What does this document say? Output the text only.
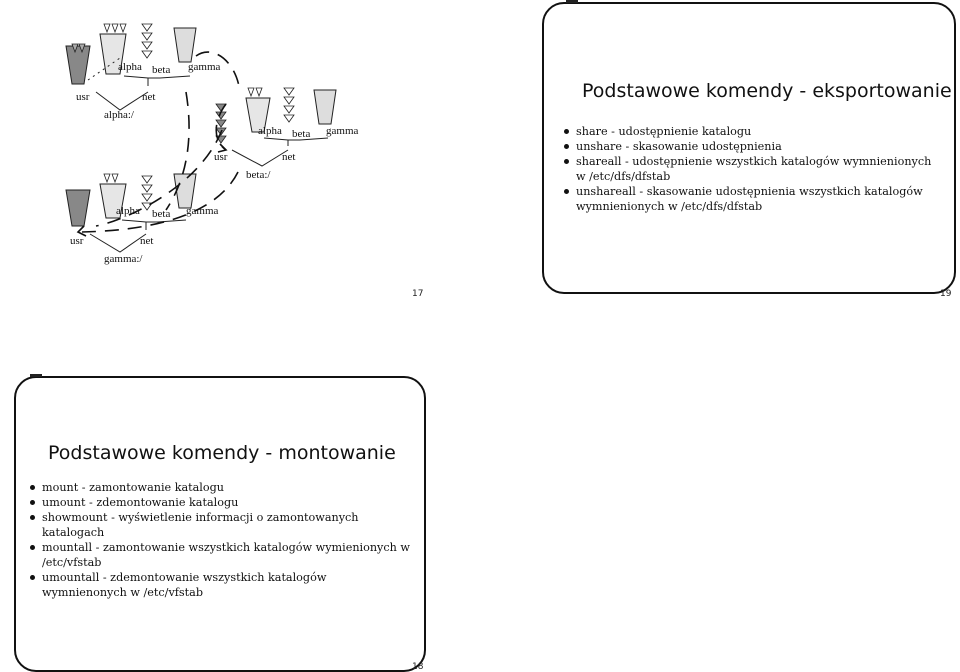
alpha beta gamma
usr	net
alpha:/
alpha beta gamma
usr	net
beta:/
alpha beta gamma
usr	net
gamma:/
17
Podstawowe komendy - eksportowanie
share - udostępnienie katalogu
unshare - skasowanie udostępnienia
shareall - udostępnienie wszystkich katalogów wymnienionych w /etc/dfs/dfstab
unshareall - skasowanie udostępnienia wszystkich katalogów wymnienionych w /etc/dfs/dfstab
19
Podstawowe komendy - montowanie
mount - zamontowanie katalogu
umount - zdemontowanie katalogu
showmount - wyświetlenie informacji o zamontowanych katalogach
mountall - zamontowanie wszystkich katalogów wymienionych w /etc/vfstab
umountall - zdemontowanie wszystkich katalogów wymnienonych w /etc/vfstab
18
